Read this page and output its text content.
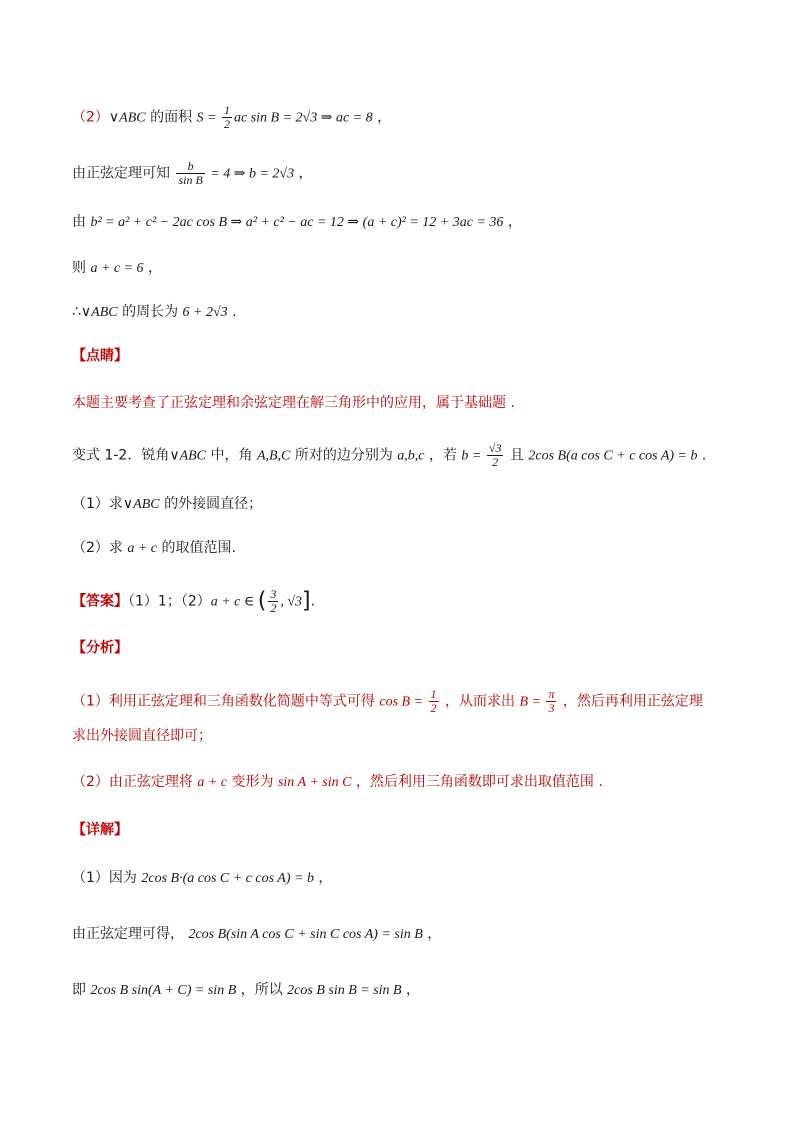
（2）∨ABC 的面积 $S = \frac{1}{2}$ ac sin B = 2√3 ⇒ ac = 8 ，
由正弦定理可知 $\frac{b}{\text{sin B}} = 4$ ⇒ b = 2√3 ，
由 b² = a² + c² − 2ac cos B ⇒ a² + c² − ac = 12 ⇒ (a + c)² = 12 + 3ac = 36 ，
则 a + c = 6 ，
∴∨ABC 的周长为 6 + 2√3 .
【点睛】
本题主要考查了正弦定理和余弦定理在解三角形中的应用，属于基础题 .
变式 1-2．锐角∨ABC 中，角 A,B,C 所对的边分别为 a,b,c ，若 $b = \frac{√3}{2}$ 且 2cos B(a cos C + c cos A) = b .
（1）求∨ABC 的外接圆直径；
（2）求 a + c 的取值范围.
【答案】（1）1；（2）a + c ∈ ( $\frac{3}{2}$ , √3].
【分析】
（1）利用正弦定理和三角函数化简题中等式可得 $\cos B = \frac{1}{2}$ ，从而求出 $B = \frac{\pi}{3}$ ，然后再利用正弦定理
求出外接圆直径即可；
（2）由正弦定理将 a + c 变形为 sin A + sin C ，然后利用三角函数即可求出取值范围 .
【详解】
（1）因为 2cos B·(a cos C + c cos A) = b ，
由正弦定理可得， 2cos B(sin A cos C + sin C cos A) = sin B ，
即 2cos B sin(A + C) = sin B ，所以 2cos B sin B = sin B ，
